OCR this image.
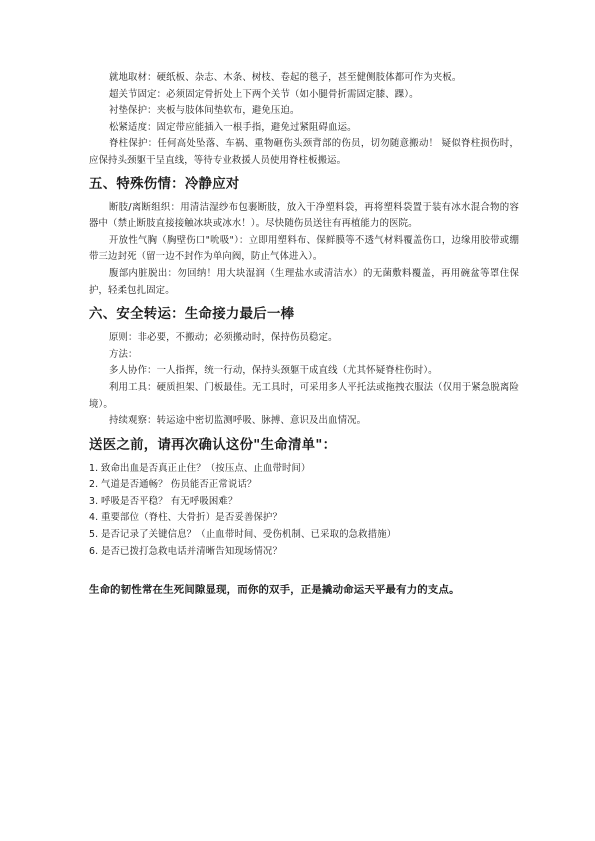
就地取材：硬纸板、杂志、木条、树枝、卷起的毯子，甚至健侧肢体都可作为夹板。

超关节固定：必须固定骨折处上下两个关节（如小腿骨折需固定膝、踝）。

衬垫保护：夹板与肢体间垫软布，避免压迫。

松紧适度：固定带应能插入一根手指，避免过紧阻碍血运。

脊柱保护：任何高处坠落、车祸、重物砸伤头颈背部的伤员，切勿随意搬动！ 疑似脊柱损伤时，应保持头颈躯干呈直线，等待专业救援人员使用脊柱板搬运。

五、特殊伤情：冷静应对

断肢/离断组织：用清洁湿纱布包裹断肢，放入干净塑料袋，再将塑料袋置于装有冰水混合物的容器中（禁止断肢直接接触冰块或冰水！）。尽快随伤员送往有再植能力的医院。

开放性气胸（胸壁伤口"吮吸"）：立即用塑料布、保鲜膜等不透气材料覆盖伤口，边缘用胶带或绷带三边封死（留一边不封作为单向阀，防止气体进入）。

腹部内脏脱出：勿回纳！用大块湿润（生理盐水或清洁水）的无菌敷料覆盖，再用碗盆等罩住保护，轻柔包扎固定。

六、安全转运：生命接力最后一棒

原则：非必要，不搬动；必须搬动时，保持伤员稳定。

方法：

多人协作：一人指挥，统一行动，保持头颈躯干成直线（尤其怀疑脊柱伤时）。

利用工具：硬质担架、门板最佳。无工具时，可采用多人平托法或拖拽衣服法（仅用于紧急脱离险境）。

持续观察：转运途中密切监测呼吸、脉搏、意识及出血情况。

送医之前，请再次确认这份"生命清单"：
1. 致命出血是否真正止住？（按压点、止血带时间）
2. 气道是否通畅？ 伤员能否正常说话？
3. 呼吸是否平稳？ 有无呼吸困难？
4. 重要部位（脊柱、大骨折）是否妥善保护？
5. 是否记录了关键信息？（止血带时间、受伤机制、已采取的急救措施）
6. 是否已拨打急救电话并清晰告知现场情况？

生命的韧性常在生死间隙显现，而你的双手，正是撬动命运天平最有力的支点。
